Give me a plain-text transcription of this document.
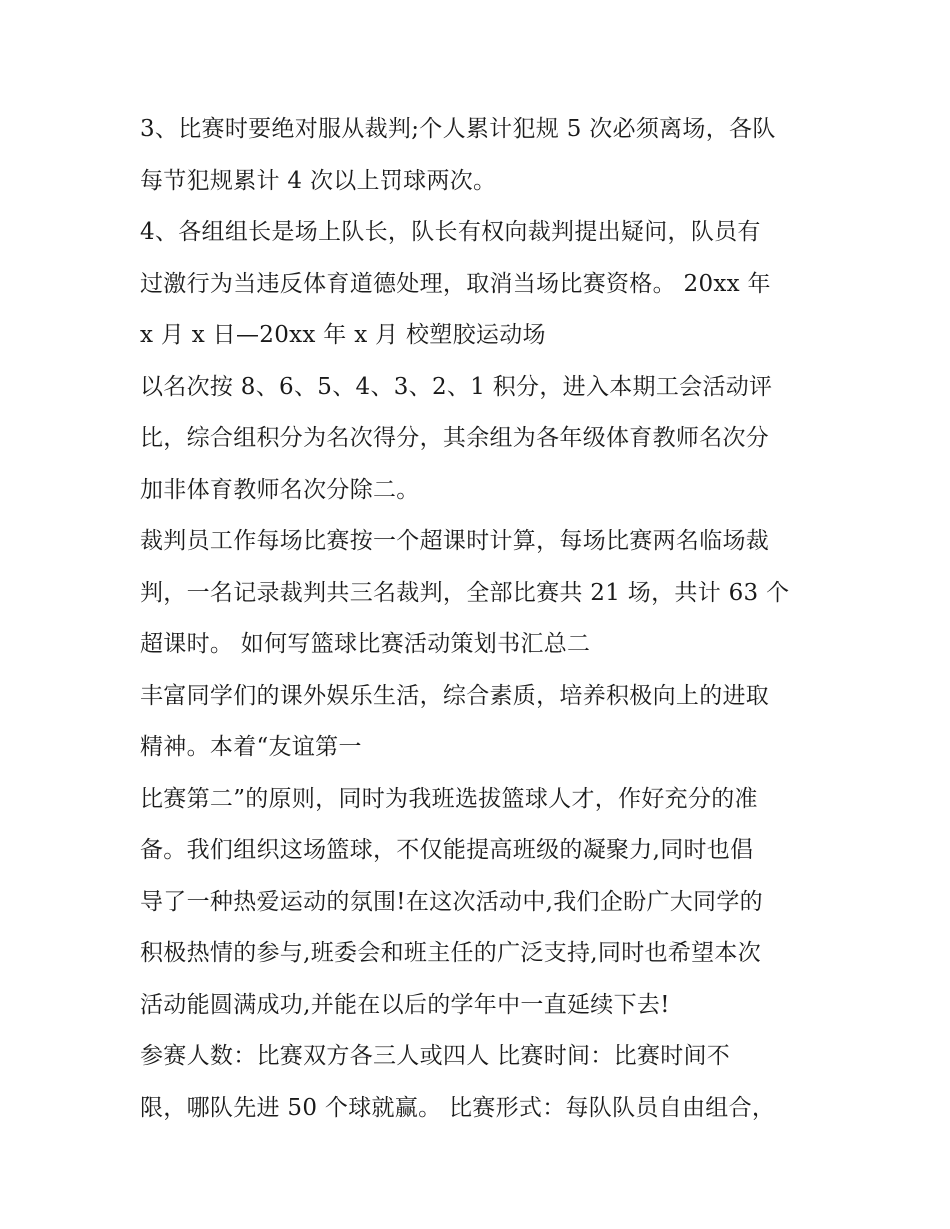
3、比赛时要绝对服从裁判;个人累计犯规 5 次必须离场，各队
每节犯规累计 4 次以上罚球两次。
4、各组组长是场上队长，队长有权向裁判提出疑问，队员有
过激行为当违反体育道德处理，取消当场比赛资格。 20xx 年
x 月 x 日—20xx 年 x 月 校塑胶运动场
以名次按 8、6、5、4、3、2、1 积分，进入本期工会活动评
比，综合组积分为名次得分，其余组为各年级体育教师名次分
加非体育教师名次分除二。
裁判员工作每场比赛按一个超课时计算，每场比赛两名临场裁
判，一名记录裁判共三名裁判，全部比赛共 21 场，共计 63 个
超课时。 如何写篮球比赛活动策划书汇总二
丰富同学们的课外娱乐生活，综合素质，培养积极向上的进取
精神。本着“友谊第一
比赛第二”的原则，同时为我班选拔篮球人才，作好充分的准
备。我们组织这场篮球，不仅能提高班级的凝聚力,同时也倡
导了一种热爱运动的氛围!在这次活动中,我们企盼广大同学的
积极热情的参与,班委会和班主任的广泛支持,同时也希望本次
活动能圆满成功,并能在以后的学年中一直延续下去!
参赛人数：比赛双方各三人或四人 比赛时间：比赛时间不
限，哪队先进 50 个球就赢。 比赛形式：每队队员自由组合，
